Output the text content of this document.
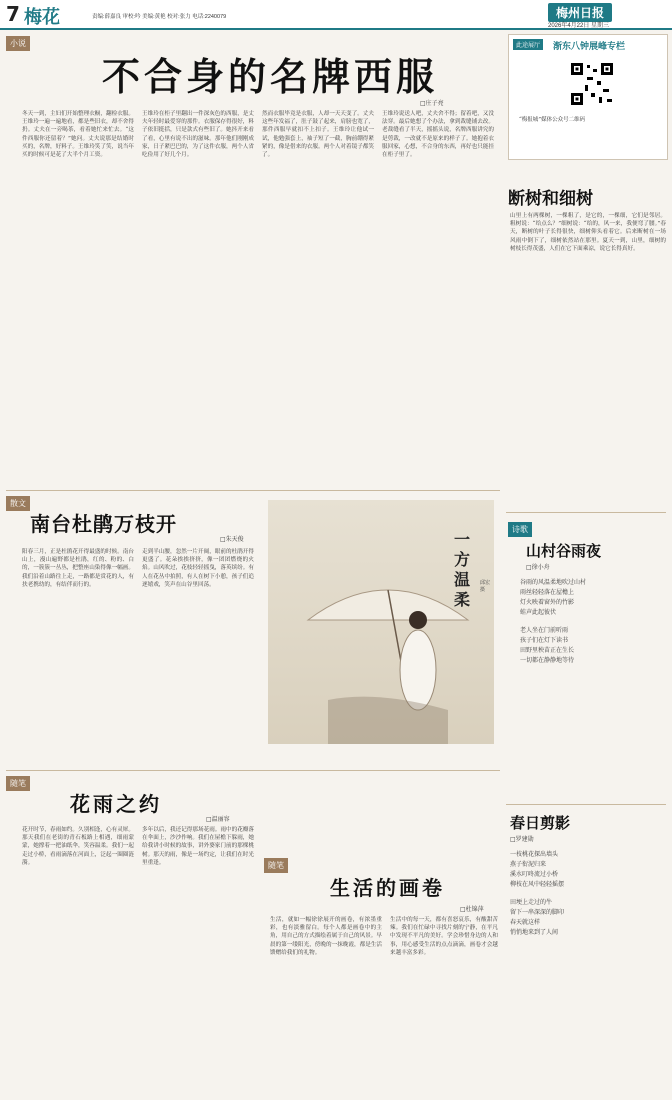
7 梅花	责编:薛嘉良 审校:吟 美编:黄艳 校对:张力 电话:2240079	梅州日报
2026年4月22日 星期三
小说
不合身的名牌西服
□庄子亮
冬天一到，主妇们开始整理衣橱，翻检衣服。王维玲一遍一遍地看，都是些旧衣，却不舍得扔。丈夫在一旁喝茶，看着她忙来忙去。“这件西服你还留着？”她问。丈夫说那是结婚时买的，名牌，好料子。王维玲笑了笑，说当年买的时候可是花了大半个月工资。
王维玲在柜子里翻出一件深灰色的西服，是丈夫年轻时最爱穿的那件。衣服保存得很好，料子依旧挺括，只是款式有些旧了。她抖开来看了看，心里有说不出的滋味。那年他们刚刚成家，日子紧巴巴的，为了这件衣服，两个人省吃俭用了好几个月。
然而衣服毕竟是衣服，人却一天天变了。丈夫这些年发福了，肚子鼓了起来，肩膀也宽了，那件西服早就扣不上扣子。王维玲让他试一试，他勉强套上，袖子短了一截，胸前绷得紧紧的，像是借来的衣服。两个人对着镜子都笑了。
王维玲说送人吧，丈夫舍不得；留着吧，又没法穿。最后她想了个办法，拿到裁缝铺去改。老裁缝看了半天，摇摇头说，名牌西服讲究的是剪裁，一改就不是原来的样子了。她抱着衣服回家，心想，不合身的东西，再好也只能挂在柜子里了。
此途展厅	渐东八钟展峰专栏
“梅报城”媒体公众号二维码
断树和细树
山里上有两棵树，一棵粗了，是它的，一棵细，它们是邻居。粗树说：“给点么？”细树说：“给的，风一来，我便弯了腰。”春天，断树的叶子长得很快，细树仰头看着它。后来断树在一场风雨中倒下了，细树依然站在那里。夏天一到，山里，细树的树枝长得茂盛，人们在它下面乘凉，说它长得真好。
散文
南台杜鹃万枝开
□朱天俊
阳春三月，正是杜鹃花开得最盛的时候。南台山上，漫山遍野都是杜鹃，红的、粉的、白的，一簇簇一丛丛，把整座山染得像一幅画。我们沿着山路往上走，一路都是赏花的人，有扶老携幼的，有结伴而行的。
走到半山腰，忽然一片开阔，眼前的杜鹃开得更盛了。花朵挨挨挤挤，像一团团燃烧的火焰。山风吹过，花枝轻轻摇曳，落英缤纷。有人在花丛中拍照，有人在树下小憩，孩子们追逐嬉戏，笑声在山谷里回荡。
一方温柔
邱宏 摄
随笔
花雨之约
□温丽容
花开时节，春雨如约。久别相逢，心有灵犀。那天我们在老街的青石板路上相遇，细雨蒙蒙，她撑着一把油纸伞，笑容温柔。我们一起走过小桥，看雨滴落在河面上，泛起一圈圈涟漪。
多年以后，我还记得那场花雨。雨中的花瓣落在伞面上，沙沙作响。我们在屋檐下躲雨，她给我讲小时候的故事，讲外婆家门前的那棵桃树。那天的雨，像是一场约定，让我们在时光里重逢。	随笔
生活的画卷
□杜锦萍
生活，就如一幅徐徐展开的画卷，有浓墨重彩，也有淡雅留白。每个人都是画卷中的主角，用自己的方式描绘着属于自己的风景。早晨的第一缕阳光，傍晚的一抹晚霞，都是生活馈赠给我们的礼物。
生活中的每一天，都有喜怒哀乐，有酸甜苦辣。我们在忙碌中寻找片刻的宁静，在平凡中发现不平凡的美好。学会珍惜身边的人和事，用心感受生活的点点滴滴，画卷才会越来越丰富多彩。
诗歌
山村谷雨夜
□徐小舟
谷雨的风温柔地吹过山村
雨丝轻轻落在屋檐上
灯火映着窗外的竹影
蛙声此起彼伏
老人坐在门前听雨
孩子们在灯下读书
田野里秧苗正在生长
一切都在静静地等待
春日剪影
□罗建勋
一枝桃花探出墙头
燕子衔泥归来
溪水叮咚流过小桥
柳枝在风中轻轻摇摆
田埂上走过的牛
留下一串深深的脚印
春天就这样
悄悄地来到了人间
